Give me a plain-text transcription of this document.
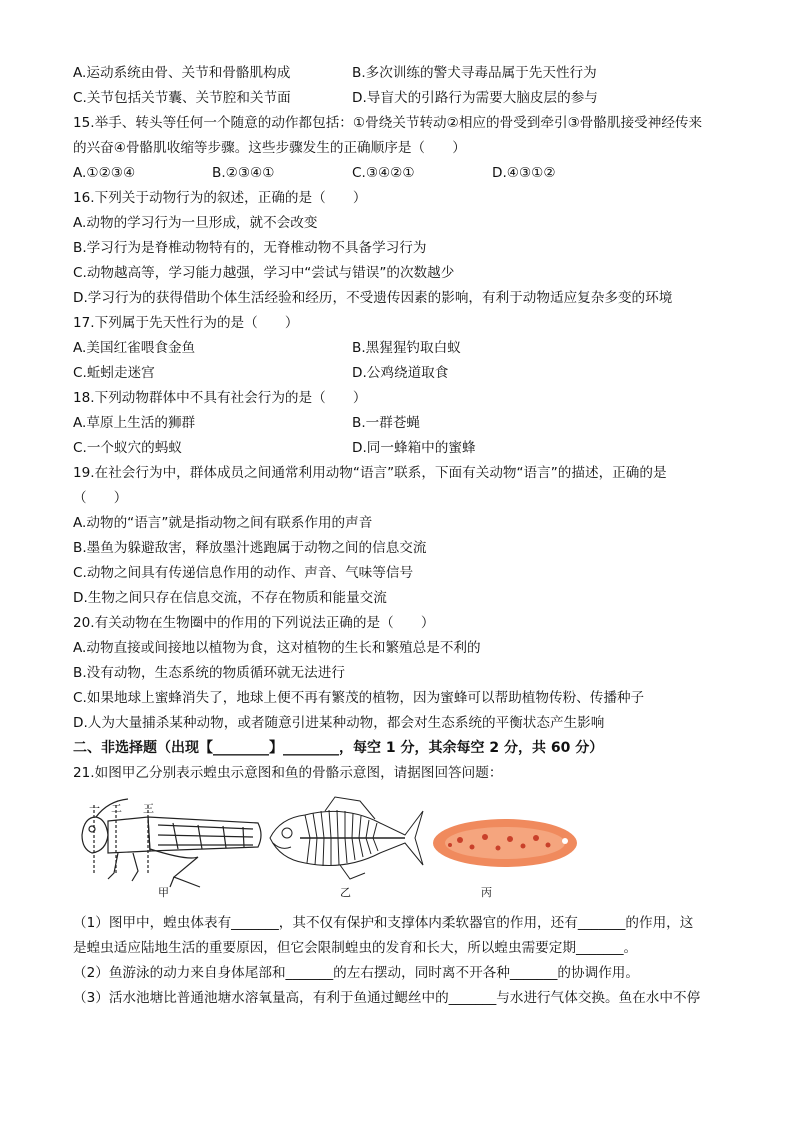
A.运动系统由骨、关节和骨骼肌构成	B.多次训练的警犬寻毒品属于先天性行为
C.关节包括关节囊、关节腔和关节面	D.导盲犬的引路行为需要大脑皮层的参与
15.举手、转头等任何一个随意的动作都包括：①骨绕关节转动②相应的骨受到牵引③骨骼肌接受神经传来
的兴奋④骨骼肌收缩等步骤。这些步骤发生的正确顺序是（　　）
A.①②③④	B.②③④①	C.③④②①	D.④③①②
16.下列关于动物行为的叙述，正确的是（　　）
A.动物的学习行为一旦形成，就不会改变
B.学习行为是脊椎动物特有的，无脊椎动物不具备学习行为
C.动物越高等，学习能力越强，学习中“尝试与错误”的次数越少
D.学习行为的获得借助个体生活经验和经历，不受遗传因素的影响，有利于动物适应复杂多变的环境
17.下列属于先天性行为的是（　　）
A.美国红雀喂食金鱼	B.黑猩猩钓取白蚁
C.蚯蚓走迷宫	D.公鸡绕道取食
18.下列动物群体中不具有社会行为的是（　　）
A.草原上生活的狮群	B.一群苍蝇
C.一个蚁穴的蚂蚁	D.同一蜂箱中的蜜蜂
19.在社会行为中，群体成员之间通常利用动物“语言”联系，下面有关动物“语言”的描述，正确的是
（　　）
A.动物的“语言”就是指动物之间有联系作用的声音
B.墨鱼为躲避敌害，释放墨汁逃跑属于动物之间的信息交流
C.动物之间具有传递信息作用的动作、声音、气味等信号
D.生物之间只存在信息交流，不存在物质和能量交流
20.有关动物在生物圈中的作用的下列说法正确的是（　　）
A.动物直接或间接地以植物为食，这对植物的生长和繁殖总是不利的
B.没有动物，生态系统的物质循环就无法进行
C.如果地球上蜜蜂消失了，地球上便不再有繁茂的植物，因为蜜蜂可以帮助植物传粉、传播种子
D.人为大量捕杀某种动物，或者随意引进某种动物，都会对生态系统的平衡状态产生影响
二、非选择题（出现【________】________，每空 1 分，其余每空 2 分，共 60 分）
21.如图甲乙分别表示蝗虫示意图和鱼的骨骼示意图，请据图回答问题：
一 二 三
甲	乙	丙
（1）图甲中，蝗虫体表有_______，其不仅有保护和支撑体内柔软器官的作用，还有_______的作用，这
是蝗虫适应陆地生活的重要原因，但它会限制蝗虫的发育和长大，所以蝗虫需要定期_______。
（2）鱼游泳的动力来自身体尾部和_______的左右摆动，同时离不开各种_______的协调作用。
（3）活水池塘比普通池塘水溶氧量高，有利于鱼通过鳃丝中的_______与水进行气体交换。鱼在水中不停
